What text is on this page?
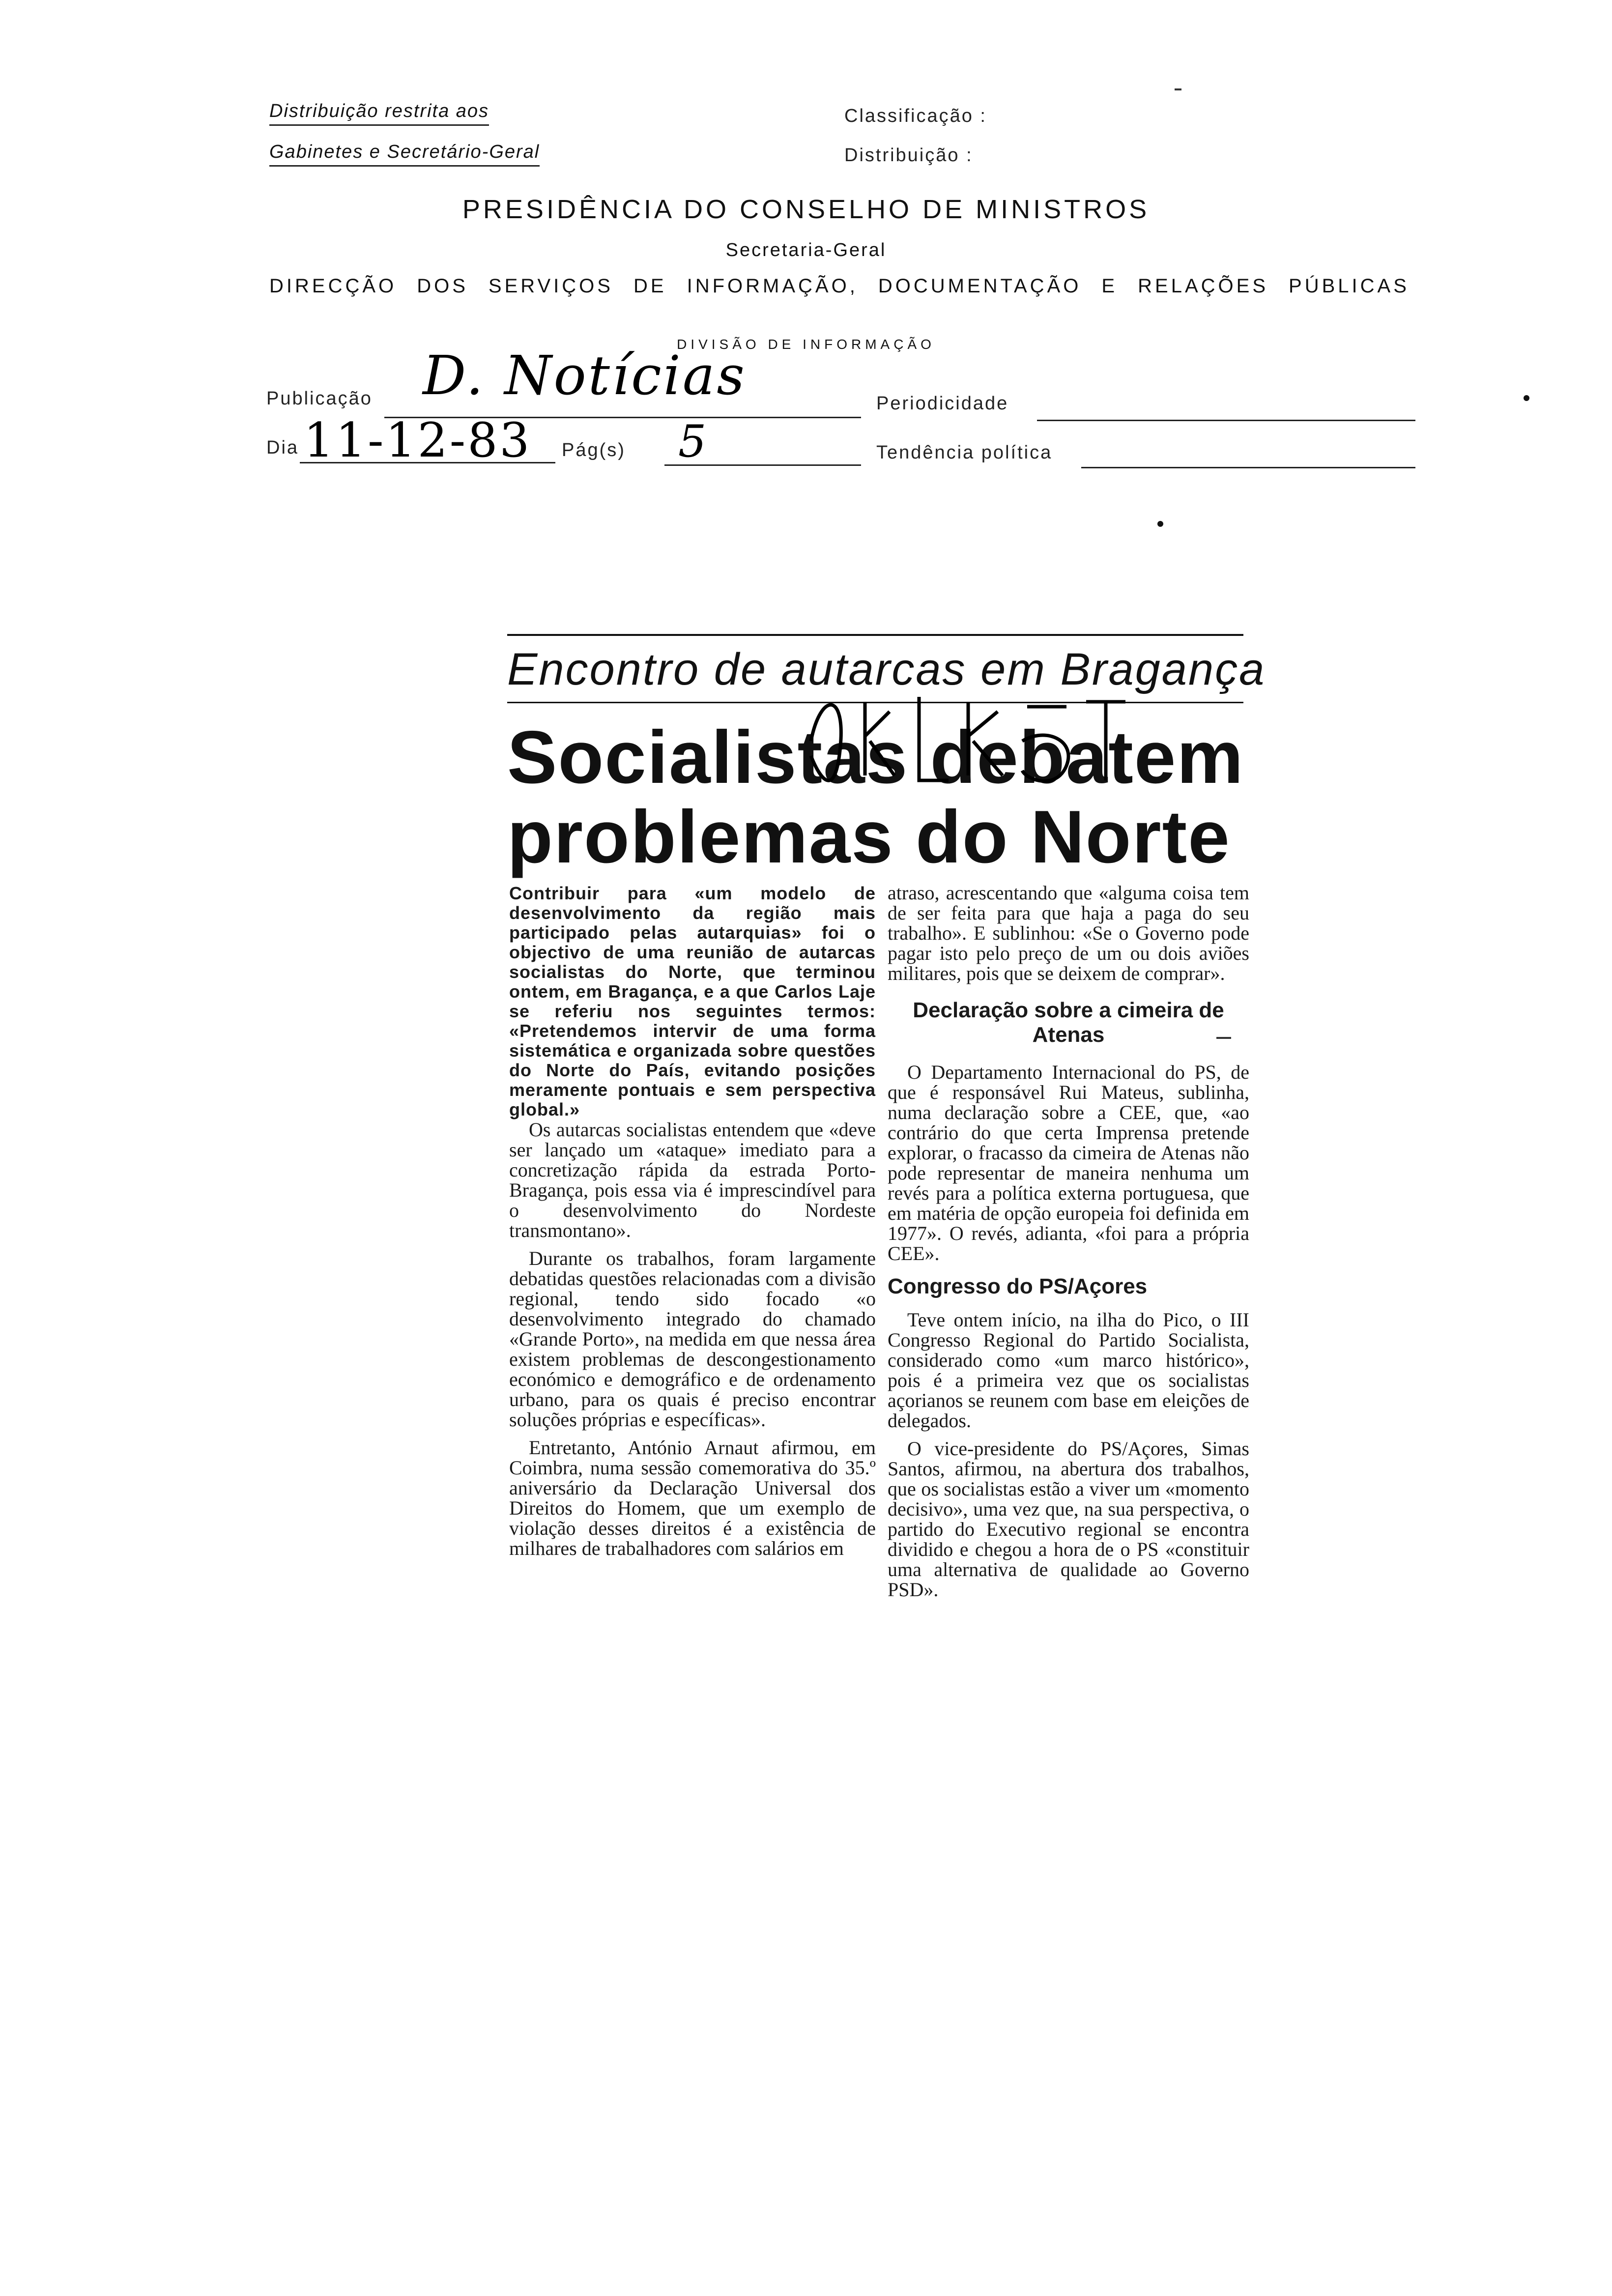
Distribuição restrita aos
Gabinetes e Secretário-Geral
Classificação :
Distribuição :
PRESIDÊNCIA DO CONSELHO DE MINISTROS
Secretaria-Geral
DIRECÇÃO DOS SERVIÇOS DE INFORMAÇÃO, DOCUMENTAÇÃO E RELAÇÕES PÚBLICAS
DIVISÃO DE INFORMAÇÃO
Publicação D. Notícias	Periodicidade
Dia 11-12-83 Pág(s) 5	Tendência política
Encontro de autarcas em Bragança
Socialistas debatem
problemas do Norte

Contribuir para «um modelo de desenvolvimento da região mais participado pelas autarquias» foi o objectivo de uma reunião de autarcas socialistas do Norte, que terminou ontem, em Bragança, e a que Carlos Laje se referiu nos seguintes termos: «Pretendemos intervir de uma forma sistemática e organizada sobre questões do Norte do País, evitando posições meramente pontuais e sem perspectiva global.»

Os autarcas socialistas entendem que «deve ser lançado um «ataque» imediato para a concretização rápida da estrada Porto-Bragança, pois essa via é imprescindível para o desenvolvimento do Nordeste transmontano».

Durante os trabalhos, foram largamente debatidas questões relacionadas com a divisão regional, tendo sido focado «o desenvolvimento integrado do chamado «Grande Porto», na medida em que nessa área existem problemas de descongestionamento económico e demográfico e de ordenamento urbano, para os quais é preciso encontrar soluções próprias e específicas».

Entretanto, António Arnaut afirmou, em Coimbra, numa sessão comemorativa do 35.º aniversário da Declaração Universal dos Direitos do Homem, que um exemplo de violação desses direitos é a existência de milhares de trabalhadores com salários em

atraso, acrescentando que «alguma coisa tem de ser feita para que haja a paga do seu trabalho». E sublinhou: «Se o Governo pode pagar isto pelo preço de um ou dois aviões militares, pois que se deixem de comprar».

Declaração sobre a cimeira de Atenas

O Departamento Internacional do PS, de que é responsável Rui Mateus, sublinha, numa declaração sobre a CEE, que, «ao contrário do que certa Imprensa pretende explorar, o fracasso da cimeira de Atenas não pode representar de maneira nenhuma um revés para a política externa portuguesa, que em matéria de opção europeia foi definida em 1977». O revés, adianta, «foi para a própria CEE».

Congresso do PS/Açores

Teve ontem início, na ilha do Pico, o III Congresso Regional do Partido Socialista, considerado como «um marco histórico», pois é a primeira vez que os socialistas açorianos se reunem com base em eleições de delegados.

O vice-presidente do PS/Açores, Simas Santos, afirmou, na abertura dos trabalhos, que os socialistas estão a viver um «momento decisivo», uma vez que, na sua perspectiva, o partido do Executivo regional se encontra dividido e chegou a hora de o PS «constituir uma alternativa de qualidade ao Governo PSD».
